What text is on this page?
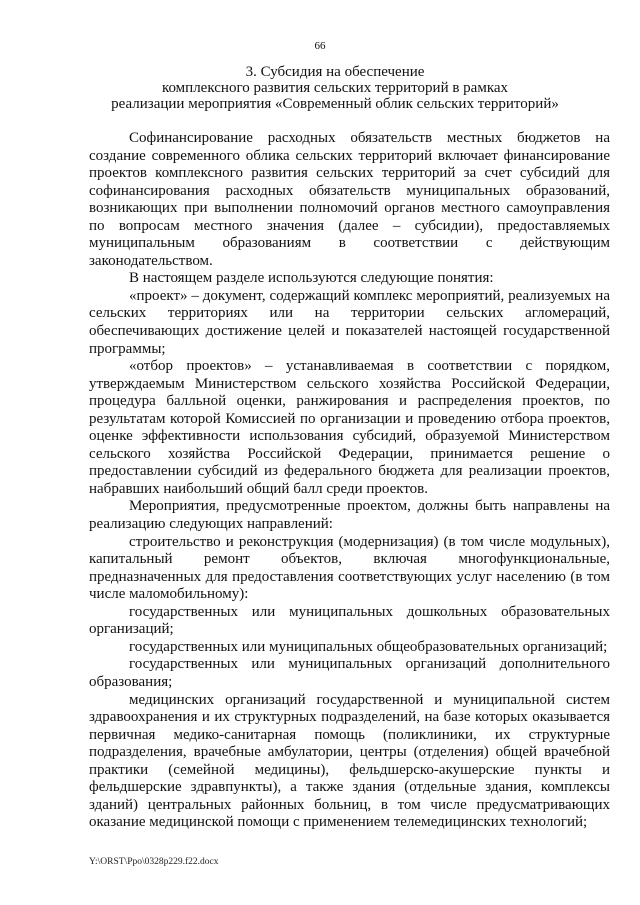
66
3. Субсидия на обеспечение
комплексного развития сельских территорий в рамках
реализации мероприятия «Современный облик сельских территорий»

Софинансирование расходных обязательств местных бюджетов на создание современного облика сельских территорий включает финансирование проектов комплексного развития сельских территорий за счет субсидий для софинансирования расходных обязательств муниципальных образований, возникающих при выполнении полномочий органов местного самоуправления по вопросам местного значения (далее – субсидии), предоставляемых муниципальным образованиям в соответствии с действующим законодательством.

В настоящем разделе используются следующие понятия:

«проект» – документ, содержащий комплекс мероприятий, реализуемых на сельских территориях или на территории сельских агломераций, обеспечивающих достижение целей и показателей настоящей государственной программы;

«отбор проектов» – устанавливаемая в соответствии с порядком, утверждаемым Министерством сельского хозяйства Российской Федерации, процедура балльной оценки, ранжирования и распределения проектов, по результатам которой Комиссией по организации и проведению отбора проектов, оценке эффективности использования субсидий, образуемой Министерством сельского хозяйства Российской Федерации, принимается решение о предоставлении субсидий из федерального бюджета для реализации проектов, набравших наибольший общий балл среди проектов.

Мероприятия, предусмотренные проектом, должны быть направлены на реализацию следующих направлений:

строительство и реконструкция (модернизация) (в том числе модульных), капитальный ремонт объектов, включая многофункциональные, предназначенных для предоставления соответствующих услуг населению (в том числе маломобильному):

государственных или муниципальных дошкольных образовательных организаций;

государственных или муниципальных общеобразовательных организаций;

государственных или муниципальных организаций дополнительного образования;

медицинских организаций государственной и муниципальной систем здравоохранения и их структурных подразделений, на базе которых оказывается первичная медико-санитарная помощь (поликлиники, их структурные подразделения, врачебные амбулатории, центры (отделения) общей врачебной практики (семейной медицины), фельдшерско-акушерские пункты и фельдшерские здравпункты), а также здания (отдельные здания, комплексы зданий) центральных районных больниц, в том числе предусматривающих оказание медицинской помощи с применением телемедицинских технологий;

Y:\ORST\Ppo\0328p229.f22.docx
